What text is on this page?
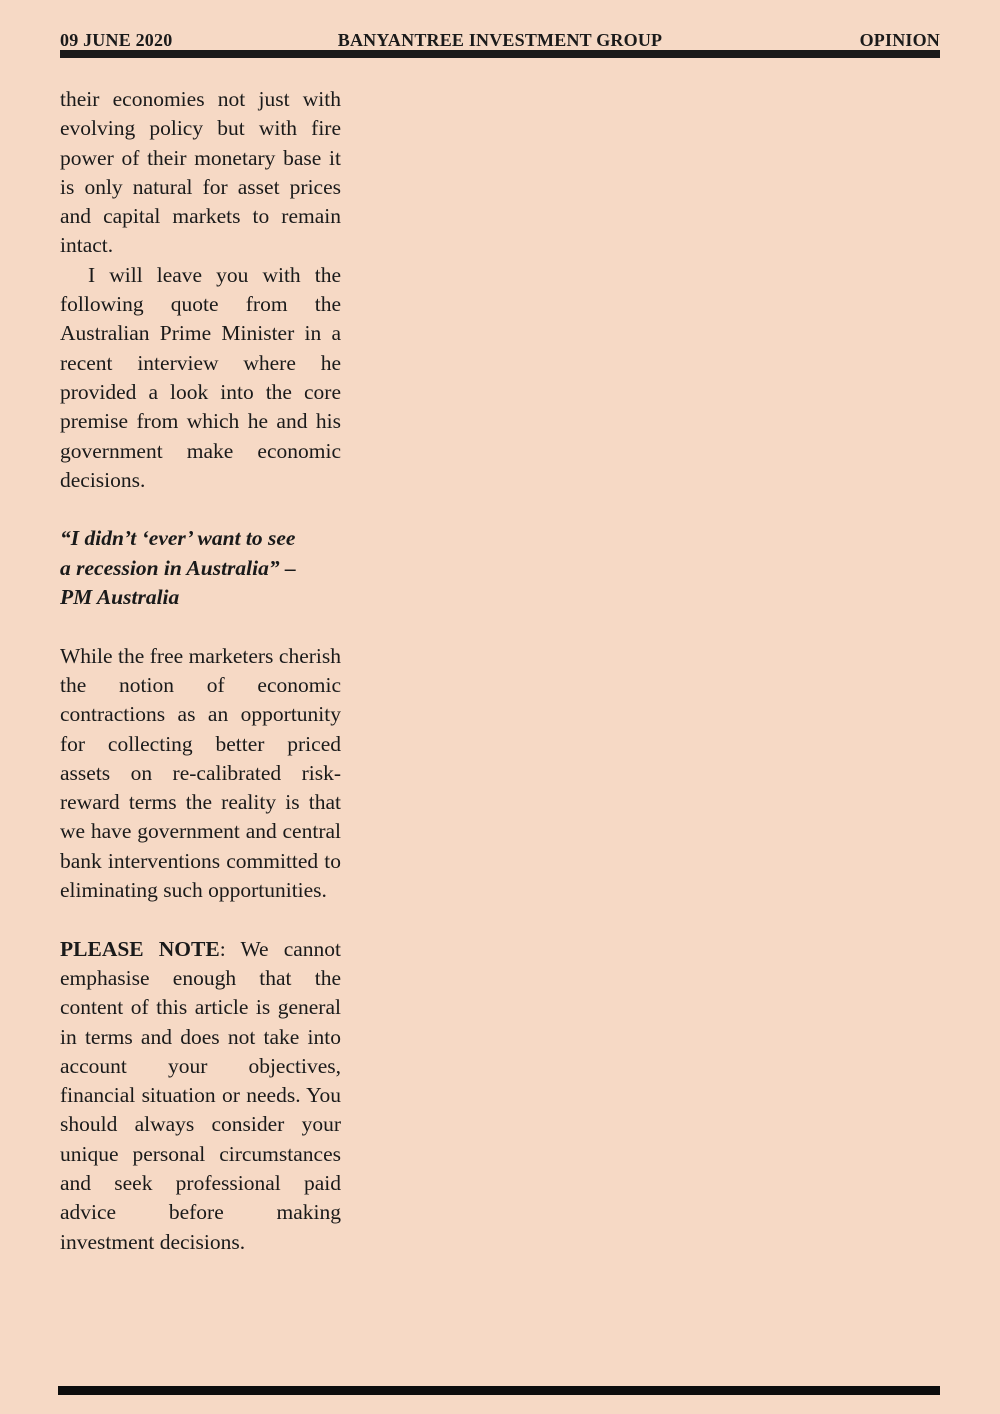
09 JUNE 2020	BANYANTREE INVESTMENT GROUP	OPINION

their economies not just with evolving policy but with fire power of their monetary base it is only natural for asset prices and capital markets to remain intact.

I will leave you with the following quote from the Australian Prime Minister in a recent interview where he provided a look into the core premise from which he and his government make economic decisions.

“I didn’t ‘ever’ want to see
a recession in Australia” –
PM Australia

While the free marketers cherish the notion of economic contractions as an opportunity for collecting better priced assets on re-calibrated risk-reward terms the reality is that we have government and central bank interventions committed to eliminating such opportunities.

PLEASE NOTE: We cannot emphasise enough that the content of this article is general in terms and does not take into account your objectives, financial situation or needs. You should always consider your unique personal circumstances and seek professional paid advice before making investment decisions.
